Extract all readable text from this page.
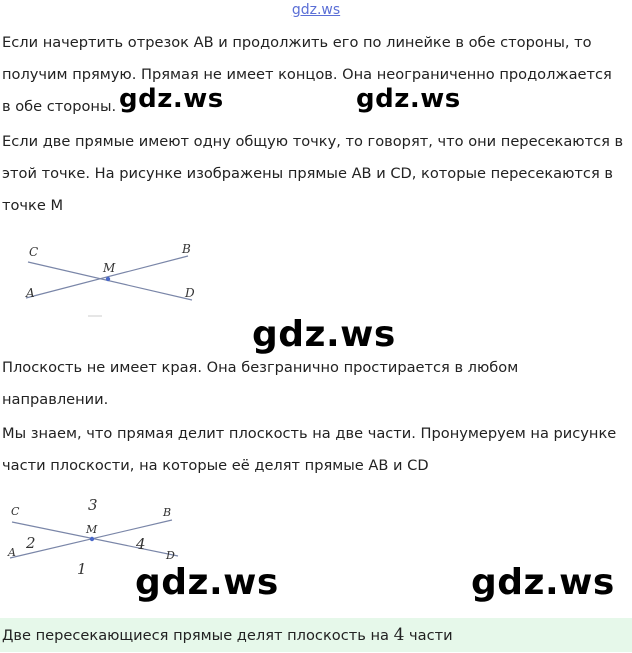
gdz.ws
Если начертить отрезок АВ и продолжить его по линейке в обе стороны, то
получим прямую. Прямая не имеет концов. Она неограниченно продолжается
в обе стороны.
Если две прямые имеют одну общую точку, то говорят, что они пересекаются в
этой точке. На рисунке изображены прямые АВ и CD, которые пересекаются в
точке М
gdz.ws	gdz.ws
C	B
M
A	D
gdz.ws
Плоскость не имеет края. Она безгранично простирается в любом
направлении.
Мы знаем, что прямая делит плоскость на две части. Пронумеруем на рисунке
части плоскости, на которые её делят прямые АВ и CD
C	B
M
A	D
3
2	4
1 gdz.ws	gdz.ws
Две пересекающиеся прямые делят плоскость на 4 части
